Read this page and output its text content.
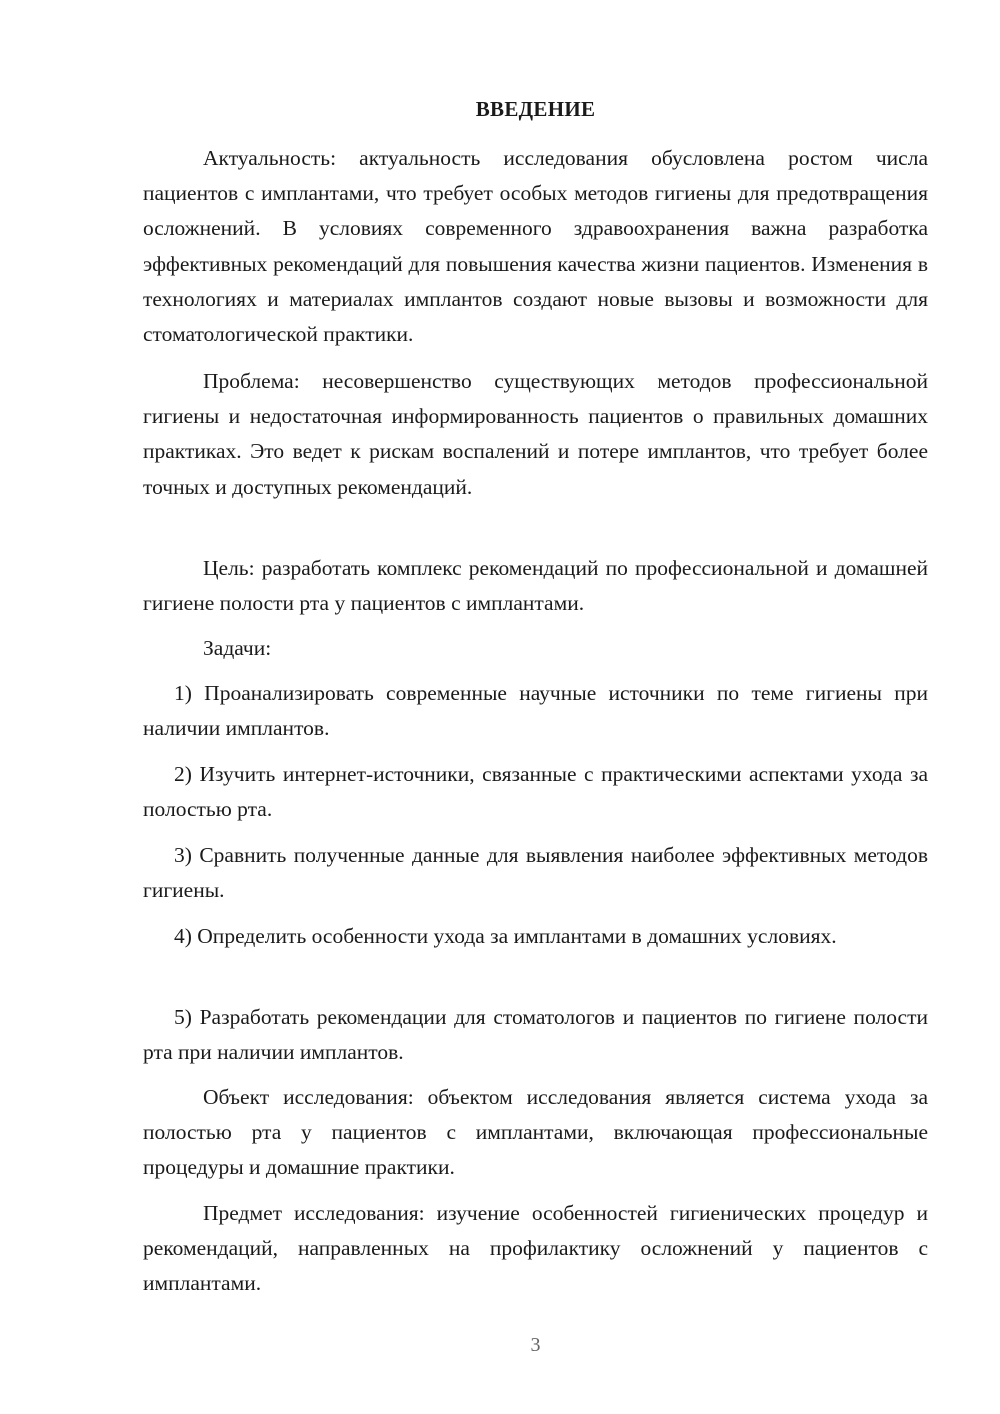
ВВЕДЕНИЕ

Актуальность: актуальность исследования обусловлена ростом числа пациентов с имплантами, что требует особых методов гигиены для предотвращения осложнений. В условиях современного здравоохранения важна разработка эффективных рекомендаций для повышения качества жизни пациентов. Изменения в технологиях и материалах имплантов создают новые вызовы и возможности для стоматологической практики.

Проблема: несовершенство существующих методов профессиональной гигиены и недостаточная информированность пациентов о правильных домашних практиках. Это ведет к рискам воспалений и потере имплантов, что требует более точных и доступных рекомендаций.

Цель: разработать комплекс рекомендаций по профессиональной и домашней гигиене полости рта у пациентов с имплантами.

Задачи:

1) Проанализировать современные научные источники по теме гигиены при наличии имплантов.

2) Изучить интернет-источники, связанные с практическими аспектами ухода за полостью рта.

3) Сравнить полученные данные для выявления наиболее эффективных методов гигиены.

4) Определить особенности ухода за имплантами в домашних условиях.

5) Разработать рекомендации для стоматологов и пациентов по гигиене полости рта при наличии имплантов.

Объект исследования: объектом исследования является система ухода за полостью рта у пациентов с имплантами, включающая профессиональные процедуры и домашние практики.

Предмет исследования: изучение особенностей гигиенических процедур и рекомендаций, направленных на профилактику осложнений у пациентов с имплантами.

3
